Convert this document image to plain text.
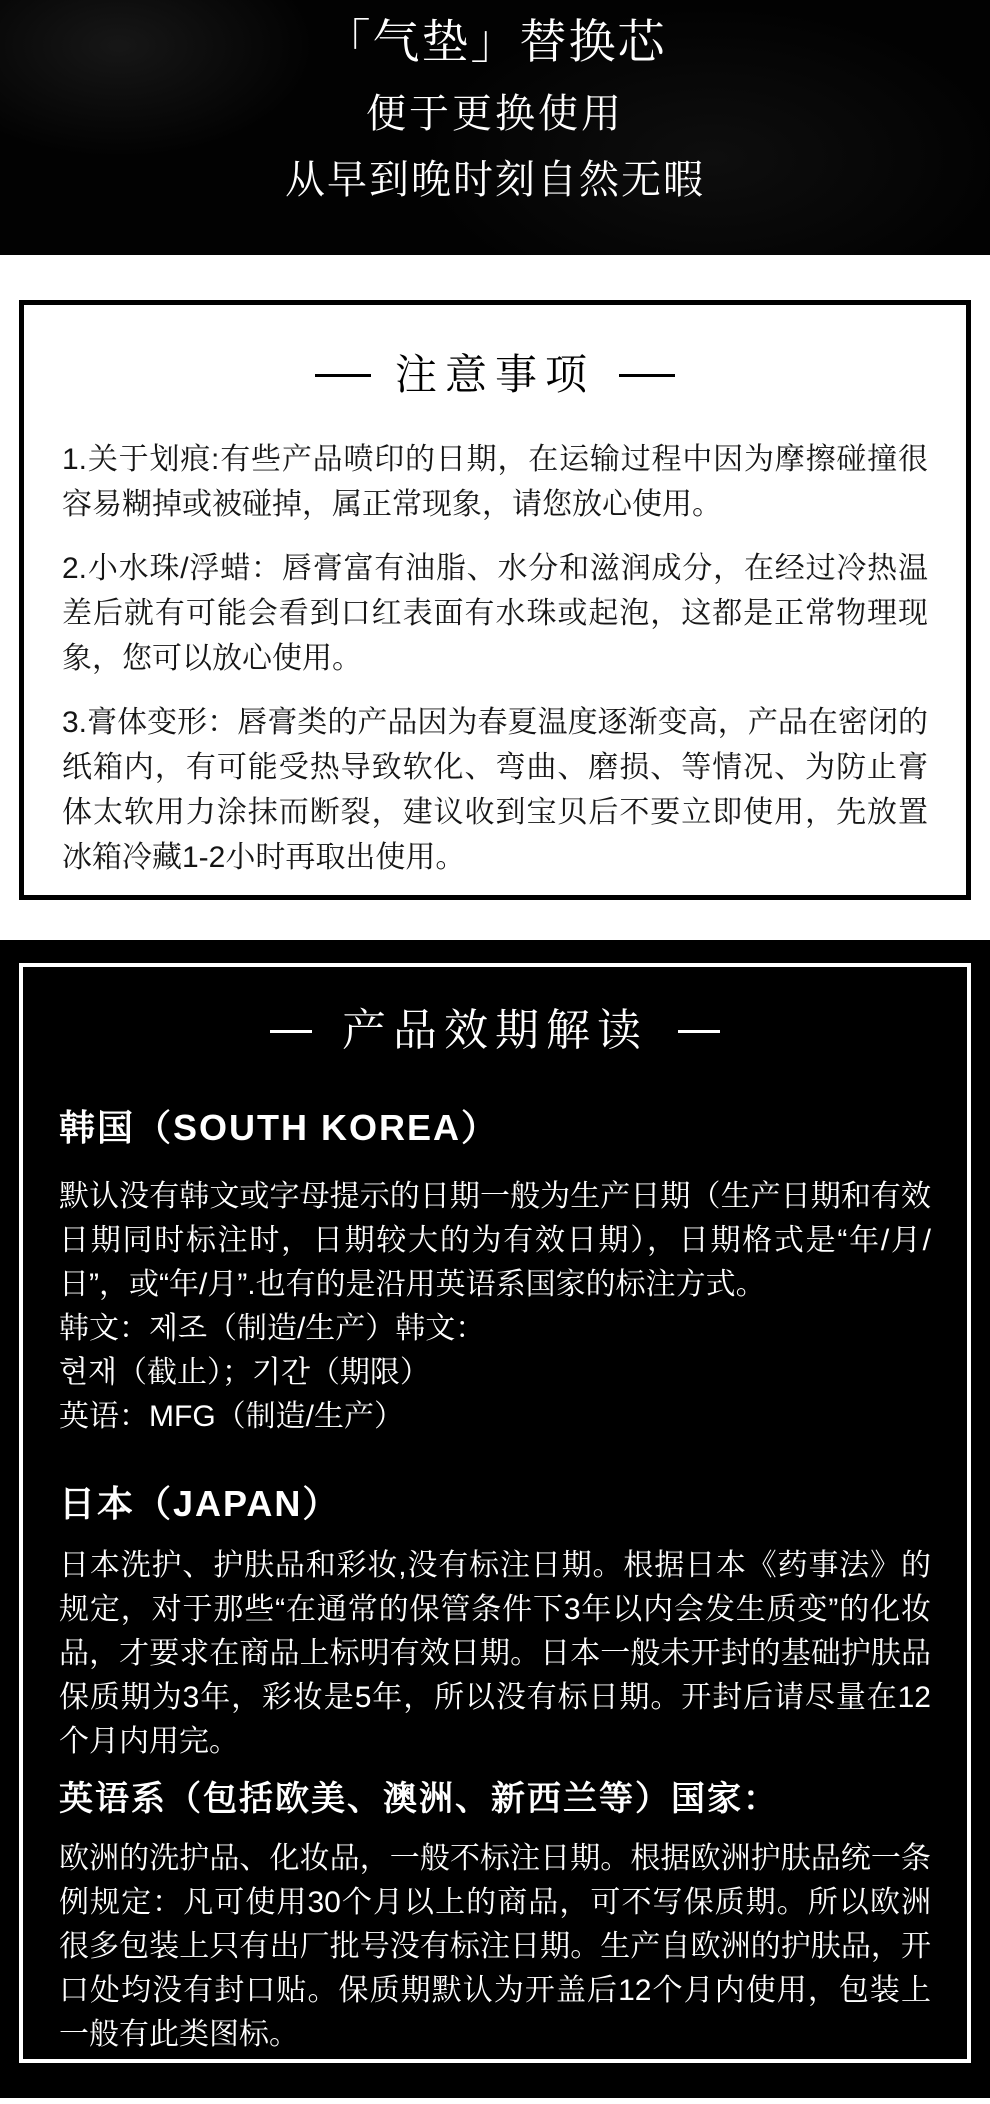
「气垫」替换芯
便于更换使用
从早到晚时刻自然无暇
注意事项

1.关于划痕:有些产品喷印的日期，在运输过程中因为摩擦碰撞很容易糊掉或被碰掉，属正常现象，请您放心使用。

2.小水珠/浮蜡：唇膏富有油脂、水分和滋润成分，在经过冷热温差后就有可能会看到口红表面有水珠或起泡，这都是正常物理现象，您可以放心使用。

3.膏体变形：唇膏类的产品因为春夏温度逐渐变高，产品在密闭的纸箱内，有可能受热导致软化、弯曲、磨损、等情况、为防止膏体太软用力涂抹而断裂，建议收到宝贝后不要立即使用，先放置冰箱冷藏1-2小时再取出使用。

产品效期解读
韩国（SOUTH KOREA）

默认没有韩文或字母提示的日期一般为生产日期（生产日期和有效日期同时标注时，日期较大的为有效日期），日期格式是“年/月/日”，或“年/月”.也有的是沿用英语系国家的标注方式。

韩文：제조（制造/生产）韩文：

현재（截止）；기간（期限）

英语：MFG（制造/生产）

日本（JAPAN）

日本洗护、护肤品和彩妆,没有标注日期。根据日本《药事法》的规定，对于那些“在通常的保管条件下3年以内会发生质变”的化妆品，才要求在商品上标明有效日期。日本一般未开封的基础护肤品保质期为3年，彩妆是5年，所以没有标日期。开封后请尽量在12个月内用完。

英语系（包括欧美、澳洲、新西兰等）国家：

欧洲的洗护品、化妆品，一般不标注日期。根据欧洲护肤品统一条例规定：凡可使用30个月以上的商品，可不写保质期。所以欧洲很多包装上只有出厂批号没有标注日期。生产自欧洲的护肤品，开口处均没有封口贴。保质期默认为开盖后12个月内使用，包装上一般有此类图标。
